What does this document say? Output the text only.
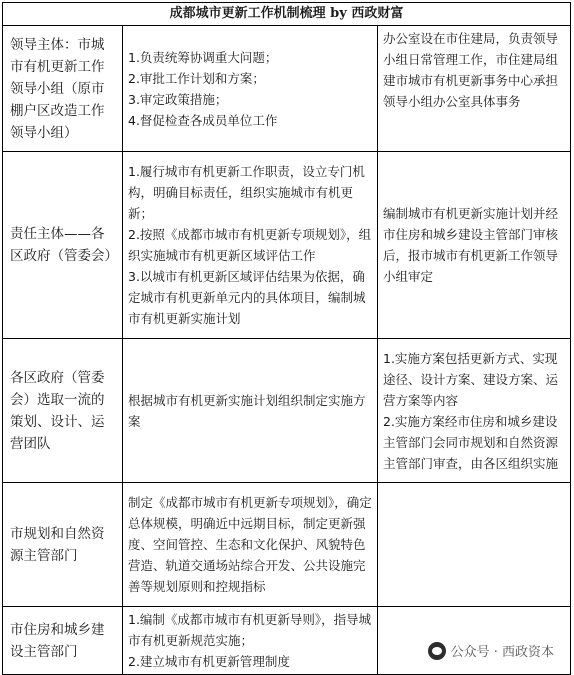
成都城市更新工作机制梳理 by 西政财富		
领导主体：市城市有机更新工作领导小组（原市棚户区改造工作领导小组）	1.负责统筹协调重大问题；
2.审批工作计划和方案；
3.审定政策措施；
4.督促检查各成员单位工作	办公室设在市住建局，负责领导小组日常管理工作，市住建局组建市城市有机更新事务中心承担领导小组办公室具体事务

责任主体——各区政府（管委会）	1.履行城市有机更新工作职责，设立专门机构，明确目标责任，组织实施城市有机更新；
2.按照《成都市城市有机更新专项规划》，组织实施城市有机更新区域评估工作
3.以城市有机更新区域评估结果为依据，确定城市有机更新单元内的具体项目，编制城市有机更新实施计划	编制城市有机更新实施计划并经市住房和城乡建设主管部门审核后，报市城市有机更新工作领导小组审定

各区政府（管委会）选取一流的策划、设计、运营团队	根据城市有机更新实施计划组织制定实施方案	1.实施方案包括更新方式、实现途径、设计方案、建设方案、运营方案等内容
2.实施方案经市住房和城乡建设主管部门会同市规划和自然资源主管部门审查，由各区组织实施

市规划和自然资源主管部门	制定《成都市城市有机更新专项规划》，确定总体规模，明确近中远期目标，制定更新强度、空间管控、生态和文化保护、风貌特色营造、轨道交通场站综合开发、公共设施完善等规划原则和控规指标	

市住房和城乡建设主管部门	1.编制《成都市城市有机更新导则》，指导城市有机更新规范实施；
2.建立城市有机更新管理制度	

公众号 · 西政资本
